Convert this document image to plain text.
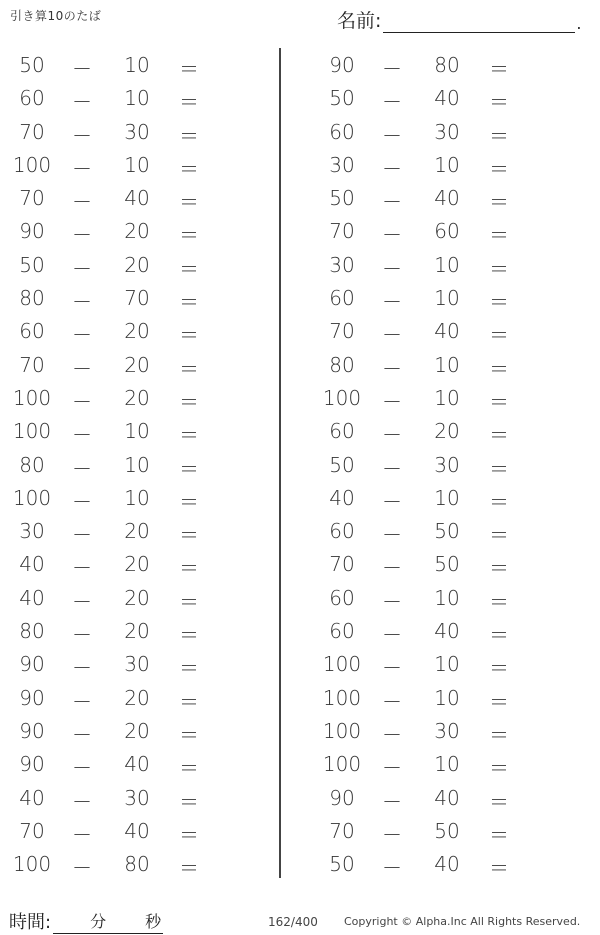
引き算10のたば	名前:	.
50	－	10	＝
60	－	10	＝
70	－	30	＝
100 －	10	＝
70	－	40	＝
90	－	20	＝
50	－	20	＝
80	－	70	＝
60	－	20	＝
70	－	20	＝
100 －	20	＝
100 －	10	＝
80	－	10	＝
100 －	10	＝
30	－	20	＝
40	－	20	＝
40	－	20	＝
80	－	20	＝
90	－	30	＝
90	－	20	＝
90	－	20	＝
90	－	40	＝
40	－	30	＝
70	－	40	＝
100 －	80	＝
90	－	80	＝
50	－	40	＝
60	－	30	＝
30	－	10	＝
50	－	40	＝
70	－	60	＝
30	－	10	＝
60	－	10	＝
70	－	40	＝
80	－	10	＝
100 －	10	＝
60	－	20	＝
50	－	30	＝
40	－	10	＝
60	－	50	＝
70	－	50	＝
60	－	10	＝
60	－	40	＝
100 －	10	＝
100 －	10	＝
100 －	30	＝
100 －	10	＝
90	－	40	＝
70	－	50	＝
50	－	40	＝
時間: 分 秒	162/400 Copyright © Alpha.Inc All Rights Reserved.
